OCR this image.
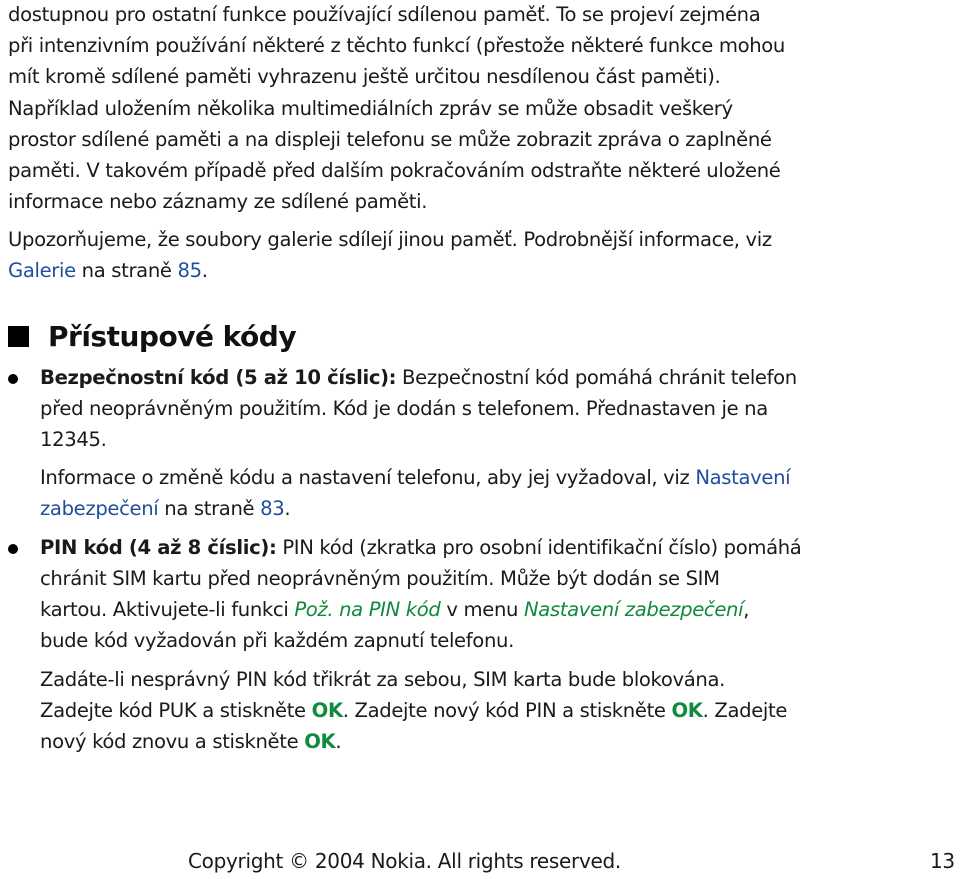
dostupnou pro ostatní funkce používající sdílenou paměť. To se projeví zejména
při intenzivním používání některé z těchto funkcí (přestože některé funkce mohou
mít kromě sdílené paměti vyhrazenu ještě určitou nesdílenou část paměti).
Například uložením několika multimediálních zpráv se může obsadit veškerý
prostor sdílené paměti a na displeji telefonu se může zobrazit zpráva o zaplněné
paměti. V takovém případě před dalším pokračováním odstraňte některé uložené
informace nebo záznamy ze sdílené paměti.
Upozorňujeme, že soubory galerie sdílejí jinou paměť. Podrobnější informace, viz
Galerie na straně 85.
Přístupové kódy
Bezpečnostní kód (5 až 10 číslic): Bezpečnostní kód pomáhá chránit telefon
před neoprávněným použitím. Kód je dodán s telefonem. Přednastaven je na
12345.
Informace o změně kódu a nastavení telefonu, aby jej vyžadoval, viz Nastavení
zabezpečení na straně 83.
PIN kód (4 až 8 číslic): PIN kód (zkratka pro osobní identifikační číslo) pomáhá
chránit SIM kartu před neoprávněným použitím. Může být dodán se SIM
kartou. Aktivujete-li funkci Pož. na PIN kód v menu Nastavení zabezpečení,
bude kód vyžadován při každém zapnutí telefonu.
Zadáte-li nesprávný PIN kód třikrát za sebou, SIM karta bude blokována.
Zadejte kód PUK a stiskněte OK. Zadejte nový kód PIN a stiskněte OK. Zadejte
nový kód znovu a stiskněte OK.
Copyright © 2004 Nokia. All rights reserved.	13
